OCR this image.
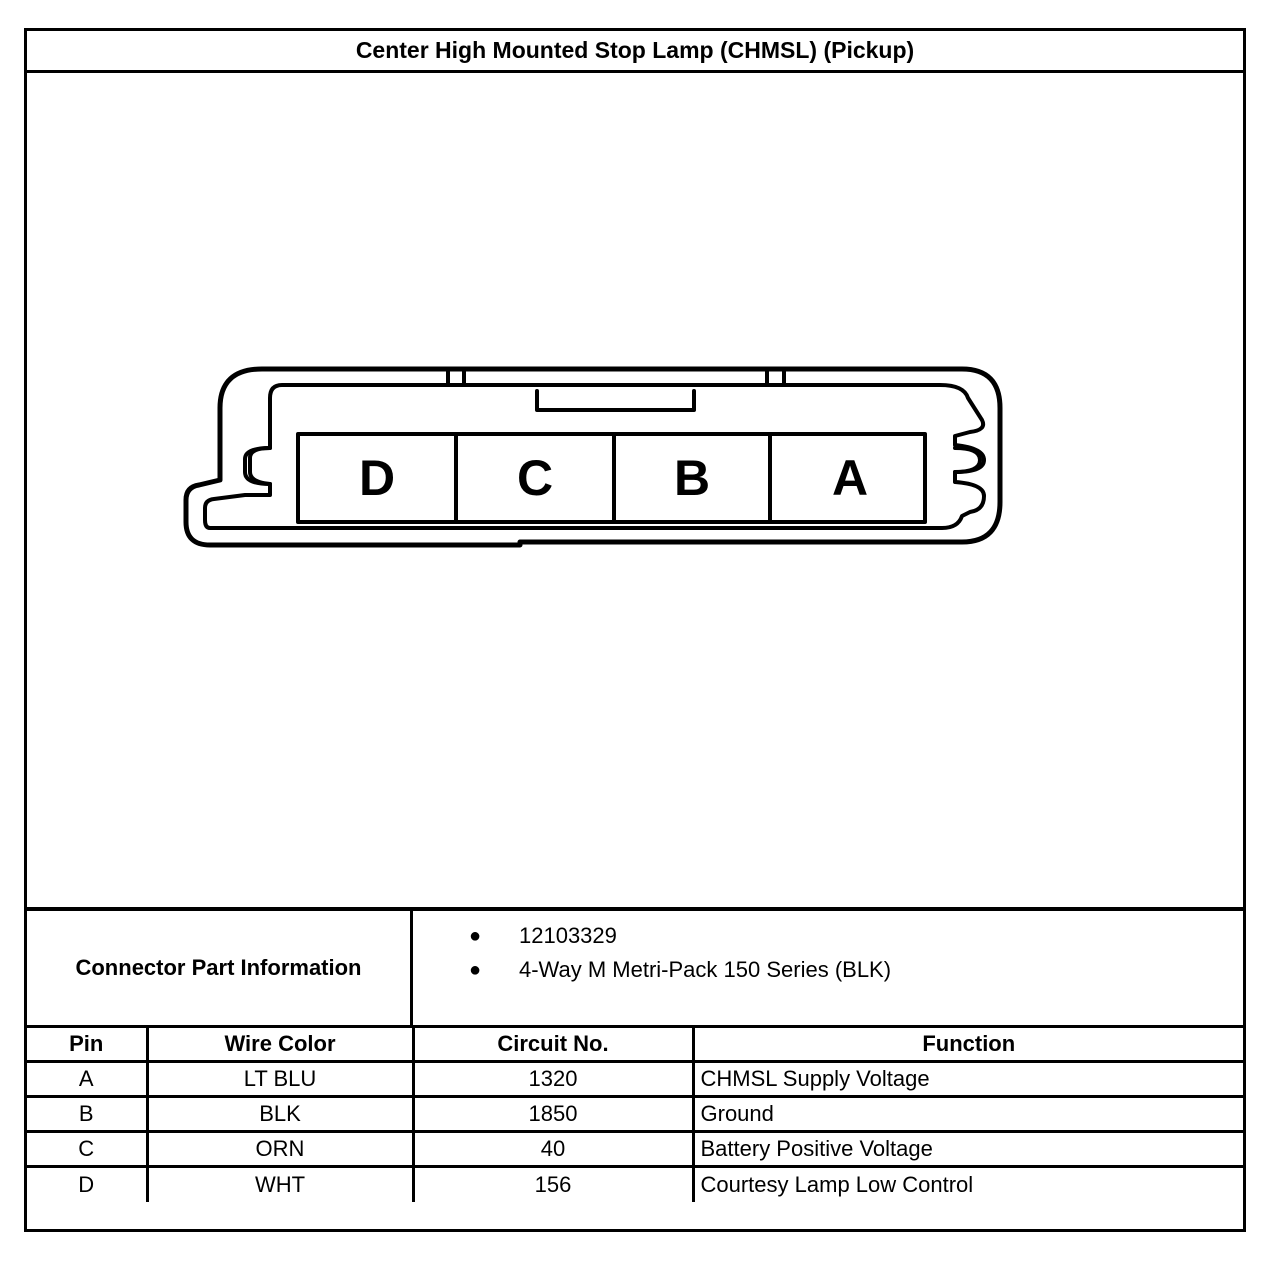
Center High Mounted Stop Lamp (CHMSL) (Pickup)
D C B A
Connector Part Information
● 12103329
● 4-Way M Metri-Pack 150 Series (BLK)
Pin	Wire Color	Circuit No.	Function
A	LT BLU	1320	CHMSL Supply Voltage
B	BLK	1850	Ground
C	ORN	40	Battery Positive Voltage
D	WHT	156	Courtesy Lamp Low Control
